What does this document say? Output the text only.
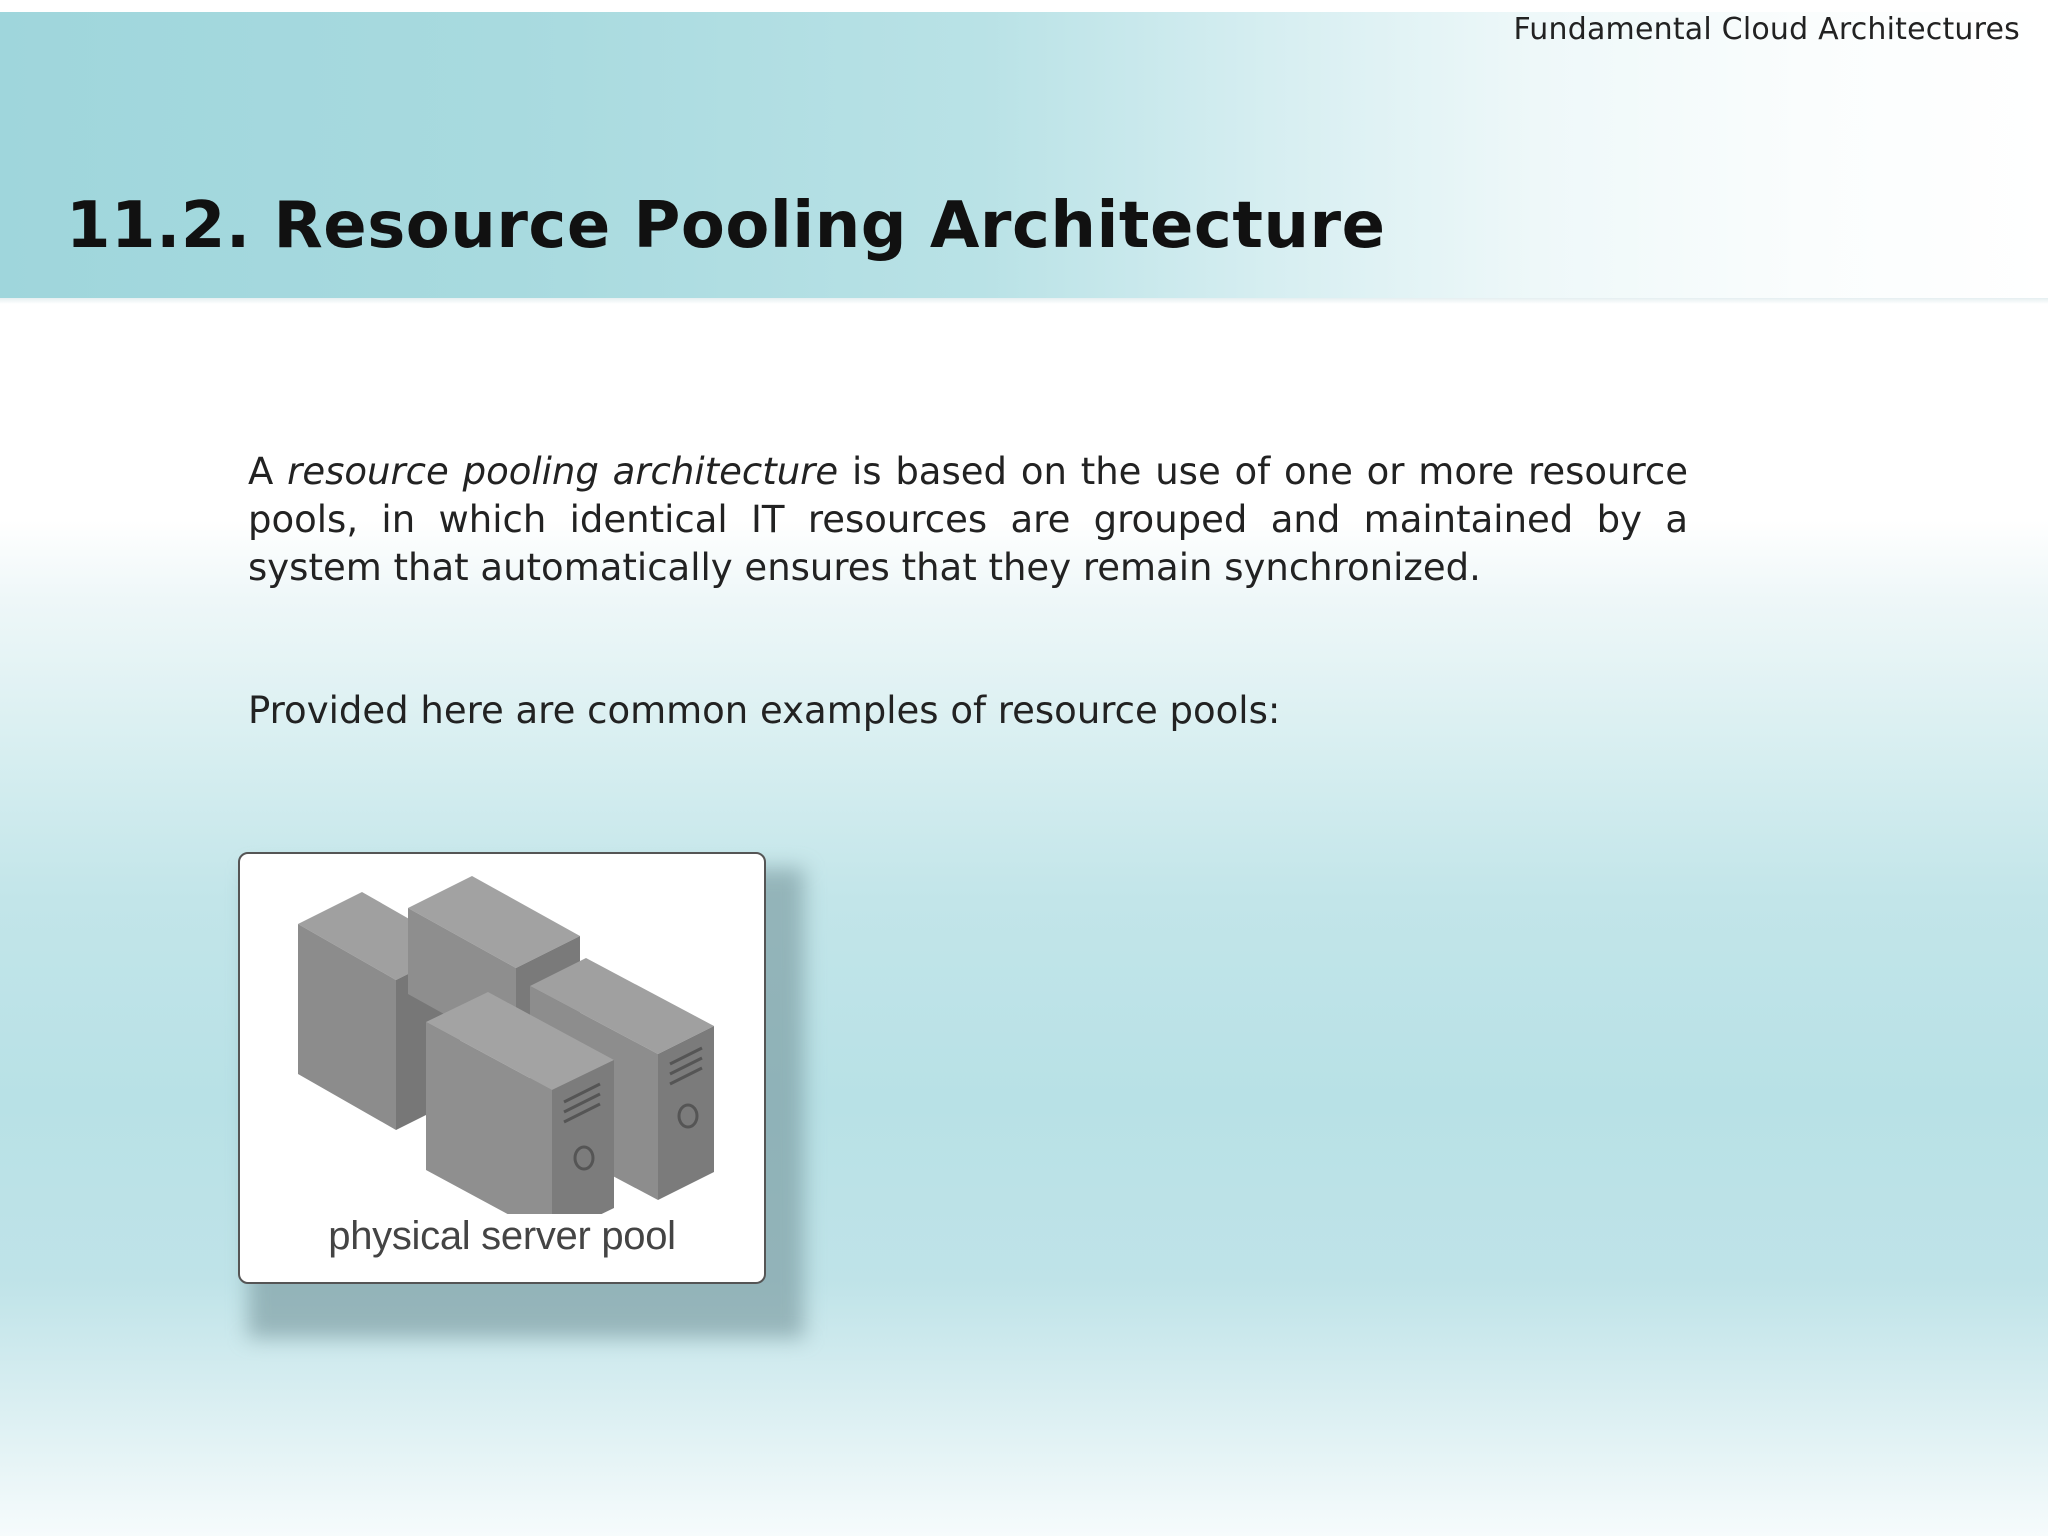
Fundamental Cloud Architectures
11.2. Resource Pooling Architecture

A resource pooling architecture is based on the use of one or more resource pools, in which identical IT resources are grouped and maintained by a system that automatically ensures that they remain synchronized.

Provided here are common examples of resource pools:

physical server pool
